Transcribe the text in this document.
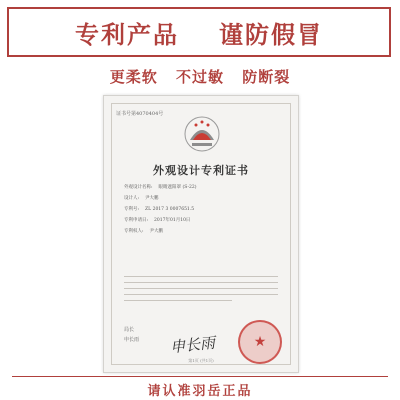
专利产品 谨防假冒
更柔软 不过敏 防断裂
证书号第4070404号
外观设计专利证书
外观设计名称: 眼睛遮阳罩 (S-22)
设计人: 尹大鹏
专利号: ZL 2017 3 0007651.5
专利申请日: 2017年01月10日
专利权人: 尹大鹏
局长
申长雨 申长雨	★
第1页 (共1页)
请认准羽岳正品
